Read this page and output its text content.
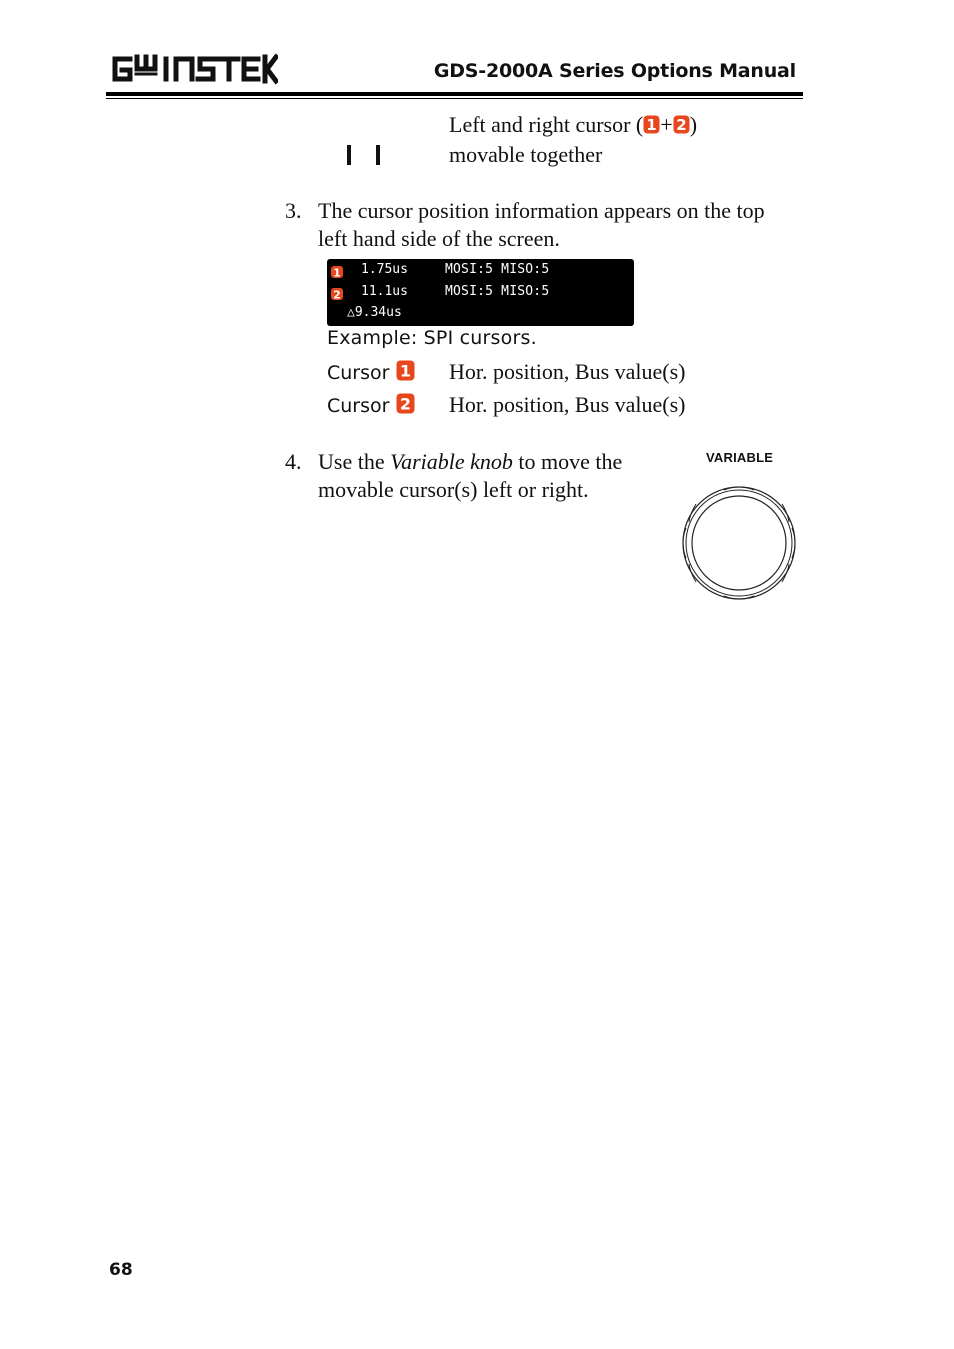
GDS-2000A Series Options Manual
Left and right cursor ( 1 + 2 )
movable together
3. The cursor position information appears on the top left hand side of the screen.
1 1.75us	MOSI:5 MISO:5
2 11.1us	MOSI:5 MISO:5
△9.34us
Example: SPI cursors.
Cursor 1 Hor. position, Bus value(s)
Cursor 2 Hor. position, Bus value(s)
4. Use the Variable knob to move the movable cursor(s) left or right.
VARIABLE
68
